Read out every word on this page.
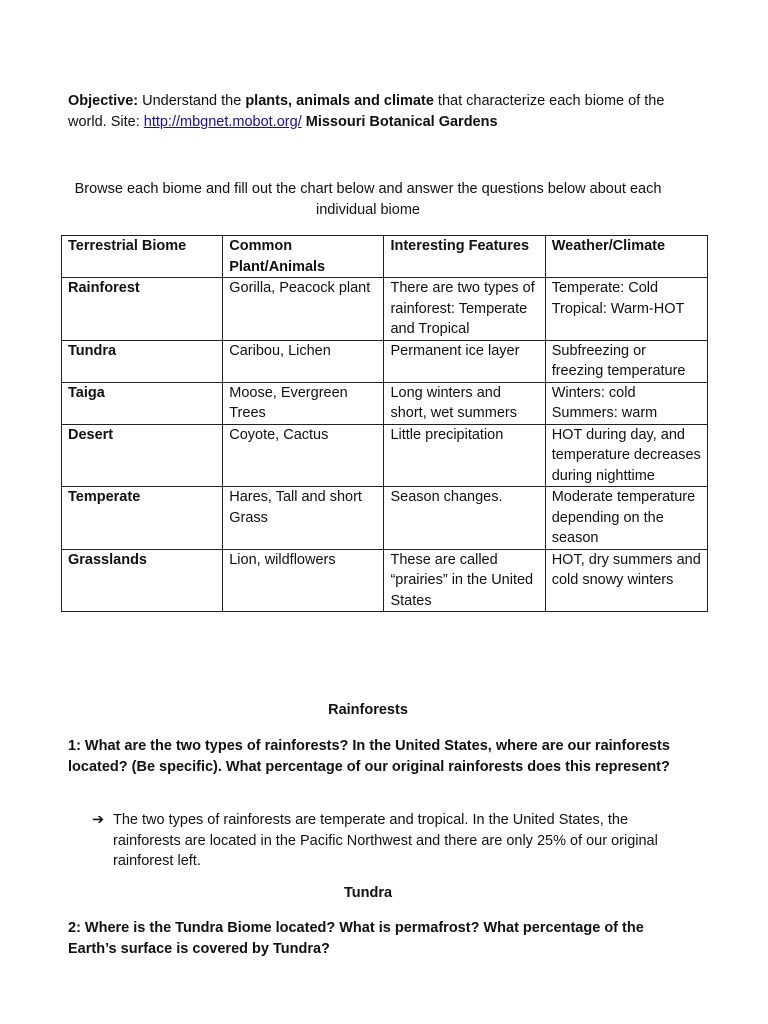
Objective: Understand the plants, animals and climate that characterize each biome of the world. Site: http://mbgnet.mobot.org/ Missouri Botanical Gardens
Browse each biome and fill out the chart below and answer the questions below about each individual biome
Terrestrial Biome	Common Plant/Animals	Interesting Features	Weather/Climate
Rainforest	Gorilla, Peacock plant	There are two types of rainforest: Temperate and Tropical	Temperate: Cold Tropical: Warm-HOT
Tundra	Caribou, Lichen	Permanent ice layer	Subfreezing or freezing temperature
Taiga	Moose, Evergreen Trees	Long winters and short, wet summers	Winters: cold Summers: warm
Desert	Coyote, Cactus	Little precipitation	HOT during day, and temperature decreases during nighttime
Temperate	Hares, Tall and short Grass	Season changes.	Moderate temperature depending on the season
Grasslands	Lion, wildflowers	These are called “prairies” in the United States	HOT, dry summers and cold snowy winters
Rainforests
1: What are the two types of rainforests? In the United States, where are our rainforests located? (Be specific). What percentage of our original rainforests does this represent?
➔ The two types of rainforests are temperate and tropical. In the United States, the rainforests are located in the Pacific Northwest and there are only 25% of our original rainforest left.
Tundra
2: Where is the Tundra Biome located? What is permafrost? What percentage of the Earth’s surface is covered by Tundra?
